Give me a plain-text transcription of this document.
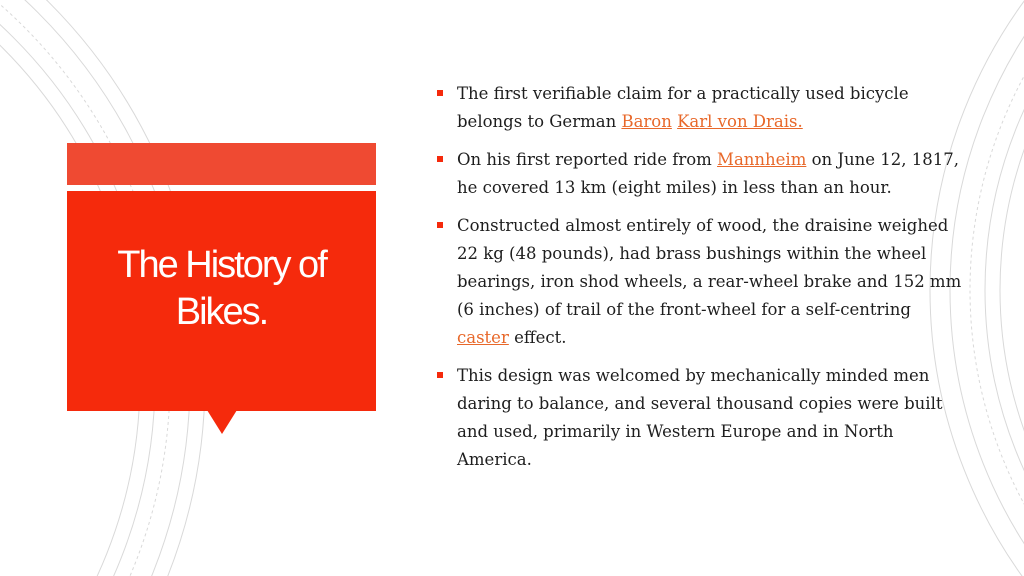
The History of Bikes.
The first verifiable claim for a practically used bicycle belongs to German Baron Karl von Drais.
On his first reported ride from Mannheim on June 12, 1817, he covered 13 km (eight miles) in less than an hour.
Constructed almost entirely of wood, the draisine weighed 22 kg (48 pounds), had brass bushings within the wheel bearings, iron shod wheels, a rear-wheel brake and 152 mm (6 inches) of trail of the front-wheel for a self-centring caster effect.
This design was welcomed by mechanically minded men daring to balance, and several thousand copies were built and used, primarily in Western Europe and in North America.
